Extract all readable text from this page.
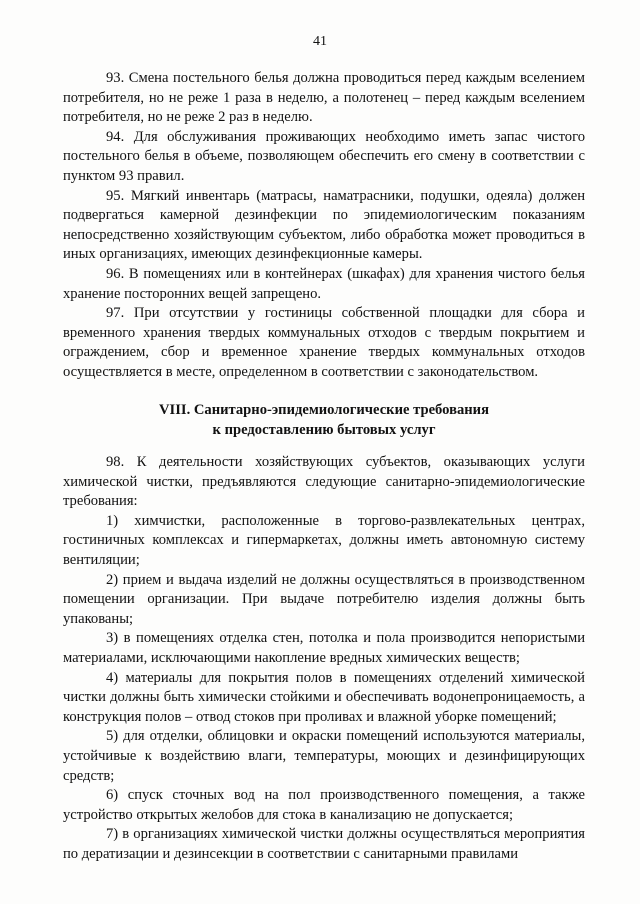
41

93. Смена постельного белья должна проводиться перед каждым вселением потребителя, но не реже 1 раза в неделю, а полотенец – перед каждым вселением потребителя, но не реже 2 раз в неделю.

94. Для обслуживания проживающих необходимо иметь запас чистого постельного белья в объеме, позволяющем обеспечить его смену в соответствии с пунктом 93 правил.

95. Мягкий инвентарь (матрасы, наматрасники, подушки, одеяла) должен подвергаться камерной дезинфекции по эпидемиологическим показаниям непосредственно хозяйствующим субъектом, либо обработка может проводиться в иных организациях, имеющих дезинфекционные камеры.

96. В помещениях или в контейнерах (шкафах) для хранения чистого белья хранение посторонних вещей запрещено.

97. При отсутствии у гостиницы собственной площадки для сбора и временного хранения твердых коммунальных отходов с твердым покрытием и ограждением, сбор и временное хранение твердых коммунальных отходов осуществляется в месте, определенном в соответствии с законодательством.

VIII. Санитарно-эпидемиологические требования
к предоставлению бытовых услуг

98. К деятельности хозяйствующих субъектов, оказывающих услуги химической чистки, предъявляются следующие санитарно-эпидемиологические требования:

1) химчистки, расположенные в торгово-развлекательных центрах, гостиничных комплексах и гипермаркетах, должны иметь автономную систему вентиляции;

2) прием и выдача изделий не должны осуществляться в производственном помещении организации. При выдаче потребителю изделия должны быть упакованы;

3) в помещениях отделка стен, потолка и пола производится непористыми материалами, исключающими накопление вредных химических веществ;

4) материалы для покрытия полов в помещениях отделений химической чистки должны быть химически стойкими и обеспечивать водонепроницаемость, а конструкция полов – отвод стоков при проливах и влажной уборке помещений;

5) для отделки, облицовки и окраски помещений используются материалы, устойчивые к воздействию влаги, температуры, моющих и дезинфицирующих средств;

6) спуск сточных вод на пол производственного помещения, а также устройство открытых желобов для стока в канализацию не допускается;

7) в организациях химической чистки должны осуществляться мероприятия по дератизации и дезинсекции в соответствии с санитарными правилами
